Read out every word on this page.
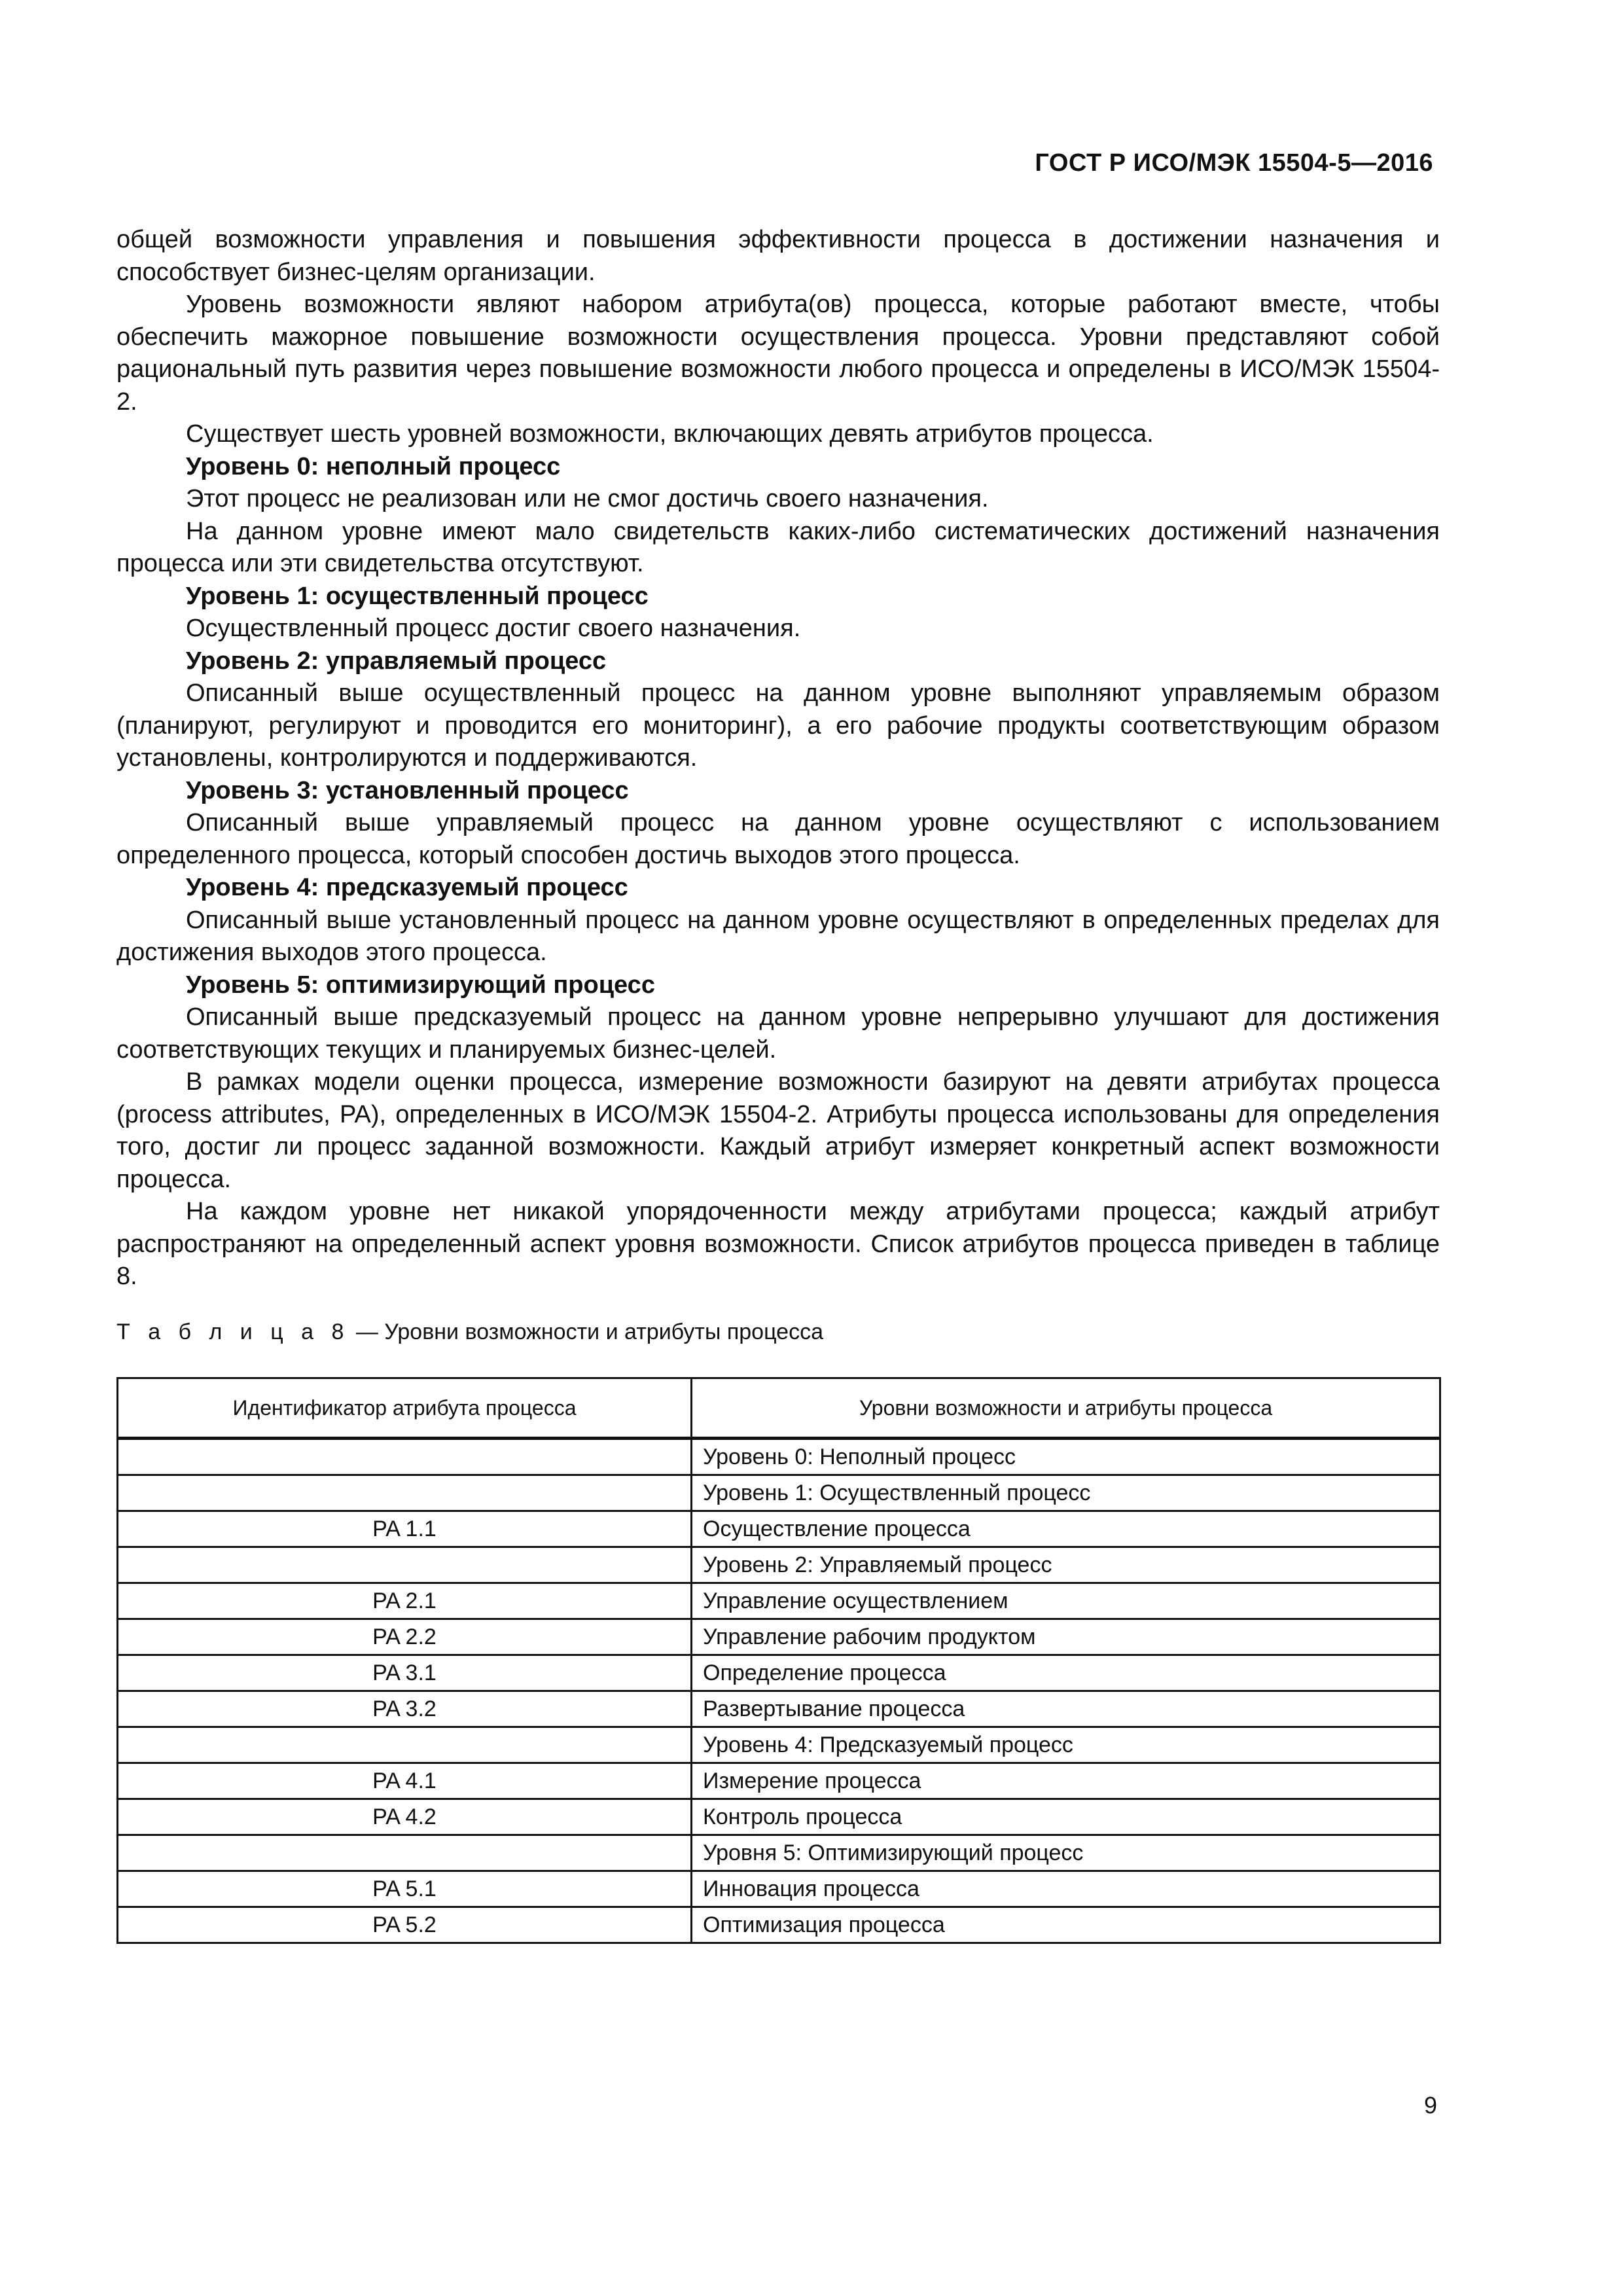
ГОСТ Р ИСО/МЭК 15504-5—2016

общей возможности управления и повышения эффективности процесса в достижении назначения и способствует бизнес-целям организации.

Уровень возможности являют набором атрибута(ов) процесса, которые работают вместе, чтобы обеспечить мажорное повышение возможности осуществления процесса. Уровни представляют собой рациональный путь развития через повышение возможности любого процесса и определены в ИСО/МЭК 15504-2.

Существует шесть уровней возможности, включающих девять атрибутов процесса.

Уровень 0: неполный процесс

Этот процесс не реализован или не смог достичь своего назначения.

На данном уровне имеют мало свидетельств каких-либо систематических достижений назначения процесса или эти свидетельства отсутствуют.

Уровень 1: осуществленный процесс

Осуществленный процесс достиг своего назначения.

Уровень 2: управляемый процесс

Описанный выше осуществленный процесс на данном уровне выполняют управляемым образом (планируют, регулируют и проводится его мониторинг), а его рабочие продукты соответствующим образом установлены, контролируются и поддерживаются.

Уровень 3: установленный процесс

Описанный выше управляемый процесс на данном уровне осуществляют с использованием определенного процесса, который способен достичь выходов этого процесса.

Уровень 4: предсказуемый процесс

Описанный выше установленный процесс на данном уровне осуществляют в определенных пределах для достижения выходов этого процесса.

Уровень 5: оптимизирующий процесс

Описанный выше предсказуемый процесс на данном уровне непрерывно улучшают для достижения соответствующих текущих и планируемых бизнес-целей.

В рамках модели оценки процесса, измерение возможности базируют на девяти атрибутах процесса (process attributes, PA), определенных в ИСО/МЭК 15504-2. Атрибуты процесса использованы для определения того, достиг ли процесс заданной возможности. Каждый атрибут измеряет конкретный аспект возможности процесса.

На каждом уровне нет никакой упорядоченности между атрибутами процесса; каждый атрибут распространяют на определенный аспект уровня возможности. Список атрибутов процесса приведен в таблице 8.

Т а б л и ц а 8 — Уровни возможности и атрибуты процесса
Идентификатор атрибута процесса	Уровни возможности и атрибуты процесса
	Уровень 0: Неполный процесс
	Уровень 1: Осуществленный процесс
PA 1.1	Осуществление процесса
	Уровень 2: Управляемый процесс
PA 2.1	Управление осуществлением
PA 2.2	Управление рабочим продуктом
PA 3.1	Определение процесса
PA 3.2	Развертывание процесса
	Уровень 4: Предсказуемый процесс
PA 4.1	Измерение процесса
PA 4.2	Контроль процесса
	Уровня 5: Оптимизирующий процесс
PA 5.1	Инновация процесса
PA 5.2	Оптимизация процесса
9
